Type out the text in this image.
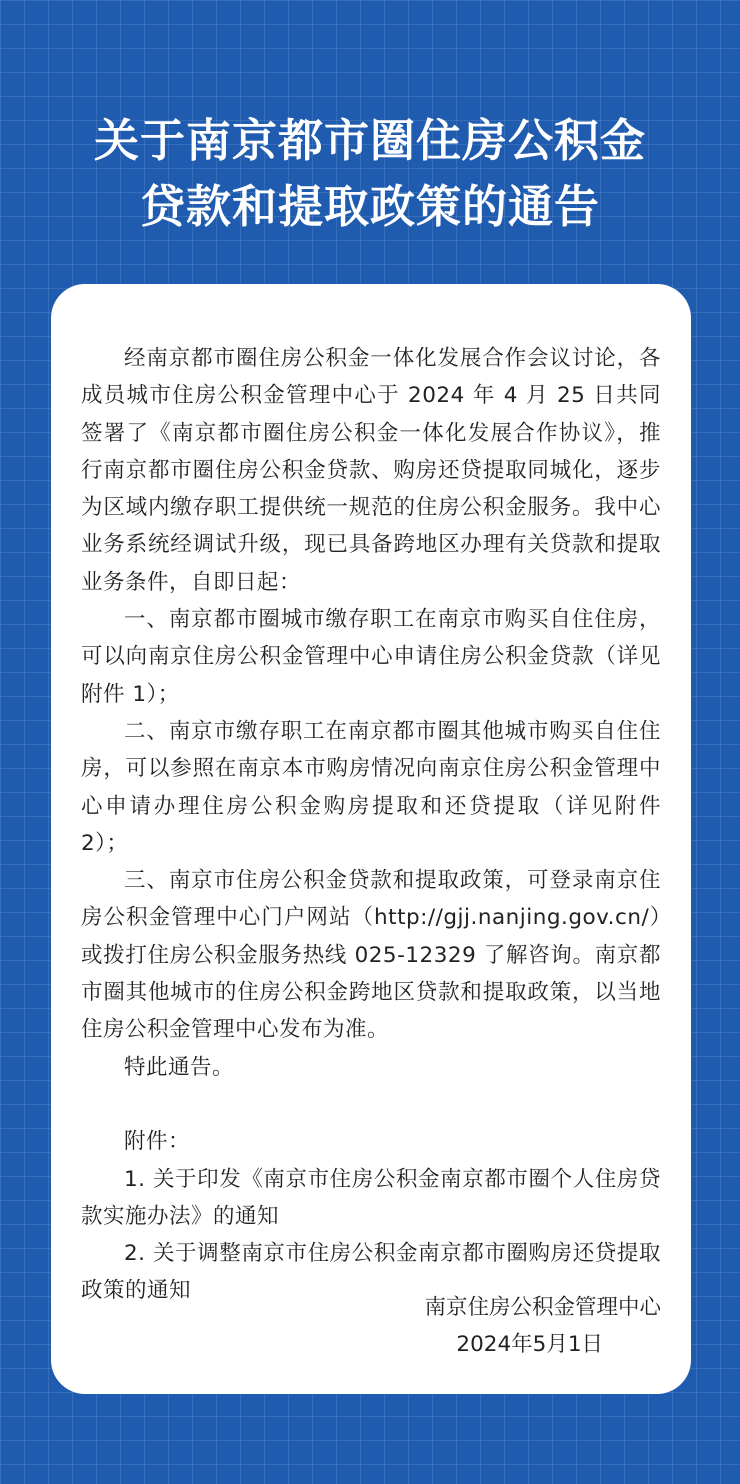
关于南京都市圈住房公积金
贷款和提取政策的通告

经南京都市圈住房公积金一体化发展合作会议讨论，各成员城市住房公积金管理中心于 2024 年 4 月 25 日共同签署了《南京都市圈住房公积金一体化发展合作协议》，推行南京都市圈住房公积金贷款、购房还贷提取同城化，逐步为区域内缴存职工提供统一规范的住房公积金服务。我中心业务系统经调试升级，现已具备跨地区办理有关贷款和提取业务条件，自即日起：

一、南京都市圈城市缴存职工在南京市购买自住住房，可以向南京住房公积金管理中心申请住房公积金贷款（详见附件 1）；

二、南京市缴存职工在南京都市圈其他城市购买自住住房，可以参照在南京本市购房情况向南京住房公积金管理中心申请办理住房公积金购房提取和还贷提取（详见附件 2）；

三、南京市住房公积金贷款和提取政策，可登录南京住房公积金管理中心门户网站（http://gjj.nanjing.gov.cn/）或拨打住房公积金服务热线 025-12329 了解咨询。南京都市圈其他城市的住房公积金跨地区贷款和提取政策，以当地住房公积金管理中心发布为准。

特此通告。

附件：

1. 关于印发《南京市住房公积金南京都市圈个人住房贷款实施办法》的通知

2. 关于调整南京市住房公积金南京都市圈购房还贷提取政策的通知

南京住房公积金管理中心
2024年5月1日
